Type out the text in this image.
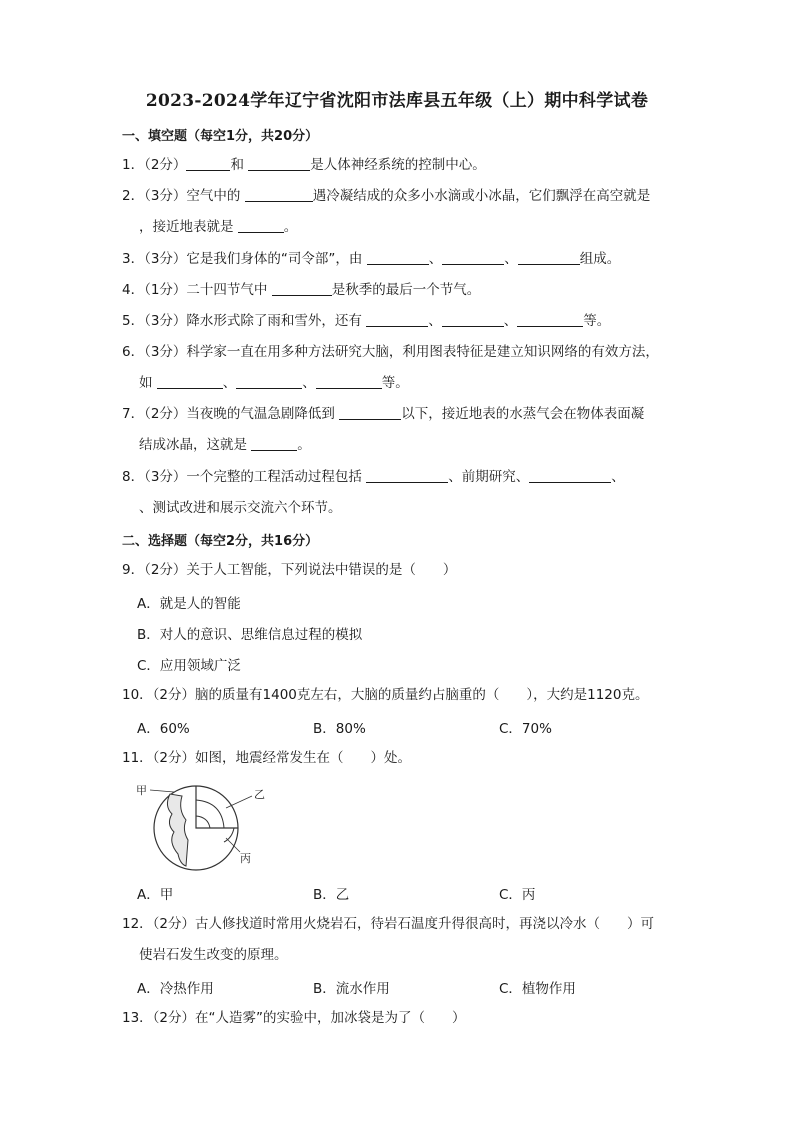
2023-2024学年辽宁省沈阳市法库县五年级（上）期中科学试卷
一、填空题（每空1分，共20分）
1．（2分）	和	是人体神经系统的控制中心。
2．（3分）空气中的	遇冷凝结成的众多小水滴或小冰晶，它们飘浮在高空就是
，接近地表就是	。
3．（3分）它是我们身体的“司令部”，由	、	、	组成。
4．（1分）二十四节气中	是秋季的最后一个节气。
5．（3分）降水形式除了雨和雪外，还有	、	、	等。
6．（3分）科学家一直在用多种方法研究大脑，利用图表特征是建立知识网络的有效方法，
如	、	、	等。
7．（2分）当夜晚的气温急剧降低到	以下，接近地表的水蒸气会在物体表面凝
结成冰晶，这就是	。
8．（3分）一个完整的工程活动过程包括	、前期研究、	、
、测试改进和展示交流六个环节。
二、选择题（每空2分，共16分）
9．（2分）关于人工智能，下列说法中错误的是（　　）
A．就是人的智能
B．对人的意识、思维信息过程的模拟
C．应用领域广泛
10．（2分）脑的质量有1400克左右，大脑的质量约占脑重的（　　），大约是1120克。
A．60%	B．80%	C．70%
11．（2分）如图，地震经常发生在（　　）处。
甲	乙
丙
A．甲	B．乙	C．丙
12．（2分）古人修找道时常用火烧岩石，待岩石温度升得很高时，再浇以冷水（　　）可
使岩石发生改变的原理。
A．冷热作用	B．流水作用	C．植物作用
13．（2分）在“人造雾”的实验中，加冰袋是为了（　　）
